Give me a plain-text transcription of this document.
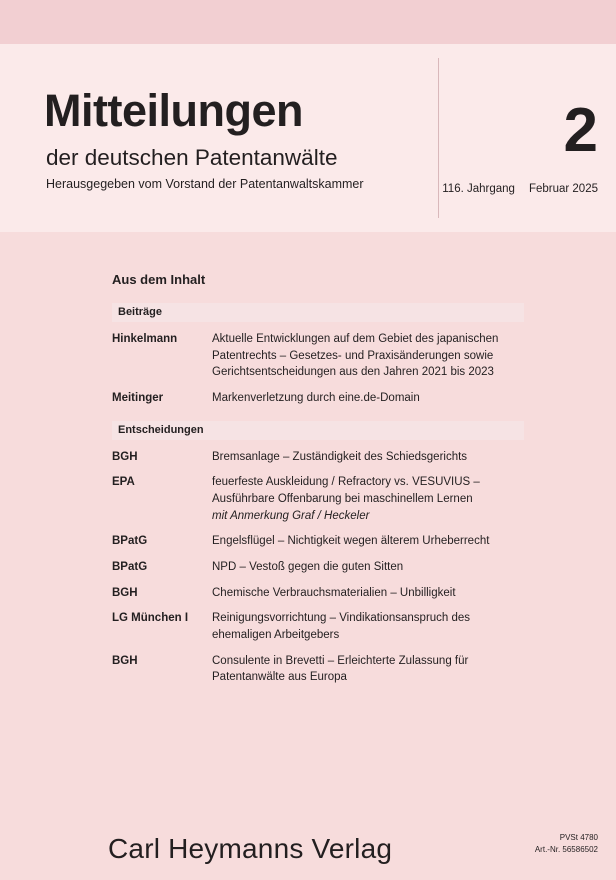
Mitteilungen
der deutschen Patentanwälte
Herausgegeben vom Vorstand der Patentanwaltskammer
2
116. Jahrgang Februar 2025
Aus dem Inhalt
Beiträge
Hinkelmann	Aktuelle Entwicklungen auf dem Gebiet des japanischen Patentrechts – Gesetzes- und Praxisänderungen sowie Gerichtsentscheidungen aus den Jahren 2021 bis 2023
Meitinger	Markenverletzung durch eine.de-Domain
Entscheidungen
BGH	Bremsanlage – Zuständigkeit des Schiedsgerichts
EPA	feuerfeste Auskleidung / Refractory vs. VESUVIUS – Ausführbare Offenbarung bei maschinellem Lernen
mit Anmerkung Graf / Heckeler
BPatG	Engelsflügel – Nichtigkeit wegen älterem Urheberrecht
BPatG	NPD – Vestoß gegen die guten Sitten
BGH	Chemische Verbrauchsmaterialien – Unbilligkeit
LG München I	Reinigungsvorrichtung – Vindikationsanspruch des ehemaligen Arbeitgebers
BGH	Consulente in Brevetti – Erleichterte Zulassung für Patentanwälte aus Europa
Carl Heymanns Verlag	PVSt 4780
Art.-Nr. 56586502
